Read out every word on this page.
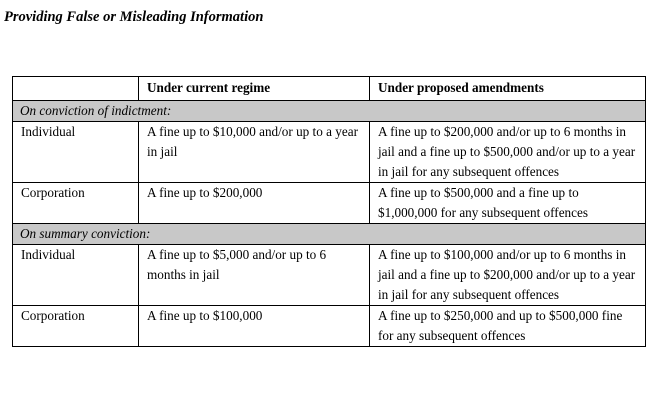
Providing False or Misleading Information
	Under current regime	Under proposed amendments
On conviction of indictment:		
Individual	A fine up to $10,000 and/or up to a year in jail	A fine up to $200,000 and/or up to 6 months in jail and a fine up to $500,000 and/or up to a year in jail for any subsequent offences
Corporation	A fine up to $200,000	A fine up to $500,000 and a fine up to $1,000,000 for any subsequent offences
On summary conviction:		
Individual	A fine up to $5,000 and/or up to 6 months in jail	A fine up to $100,000 and/or up to 6 months in jail and a fine up to $200,000 and/or up to a year in jail for any subsequent offences
Corporation	A fine up to $100,000	A fine up to $250,000 and up to $500,000 fine for any subsequent offences
